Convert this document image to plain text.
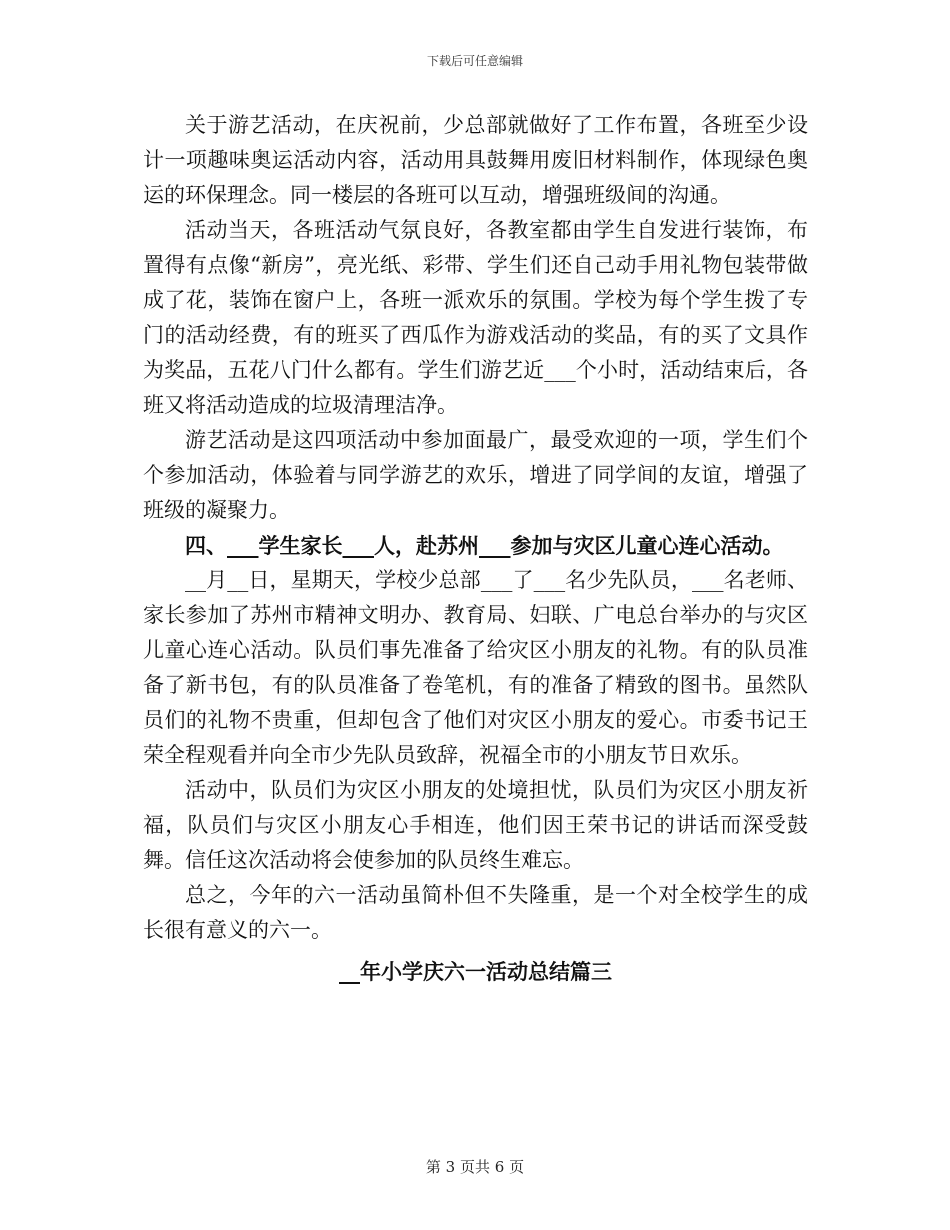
下载后可任意编辑

关于游艺活动，在庆祝前，少总部就做好了工作布置，各班至少设计一项趣味奥运活动内容，活动用具鼓舞用废旧材料制作，体现绿色奥运的环保理念。同一楼层的各班可以互动，增强班级间的沟通。

活动当天，各班活动气氛良好，各教室都由学生自发进行装饰，布置得有点像“新房”，亮光纸、彩带、学生们还自己动手用礼物包装带做成了花，装饰在窗户上，各班一派欢乐的氛围。学校为每个学生拨了专门的活动经费，有的班买了西瓜作为游戏活动的奖品，有的买了文具作为奖品，五花八门什么都有。学生们游艺近___个小时，活动结束后，各班又将活动造成的垃圾清理洁净。

游艺活动是这四项活动中参加面最广，最受欢迎的一项，学生们个个参加活动，体验着与同学游艺的欢乐，增进了同学间的友谊，增强了班级的凝聚力。

四、___学生家长___人，赴苏州___参加与灾区儿童心连心活动。

__月__日，星期天，学校少总部___了___名少先队员，___名老师、家长参加了苏州市精神文明办、教育局、妇联、广电总台举办的与灾区儿童心连心活动。队员们事先准备了给灾区小朋友的礼物。有的队员准备了新书包，有的队员准备了卷笔机，有的准备了精致的图书。虽然队员们的礼物不贵重，但却包含了他们对灾区小朋友的爱心。市委书记王荣全程观看并向全市少先队员致辞，祝福全市的小朋友节日欢乐。

活动中，队员们为灾区小朋友的处境担忧，队员们为灾区小朋友祈福，队员们与灾区小朋友心手相连，他们因王荣书记的讲话而深受鼓舞。信任这次活动将会使参加的队员终生难忘。

总之，今年的六一活动虽简朴但不失隆重，是一个对全校学生的成长很有意义的六一。

__年小学庆六一活动总结篇三

第 3 页共 6 页
